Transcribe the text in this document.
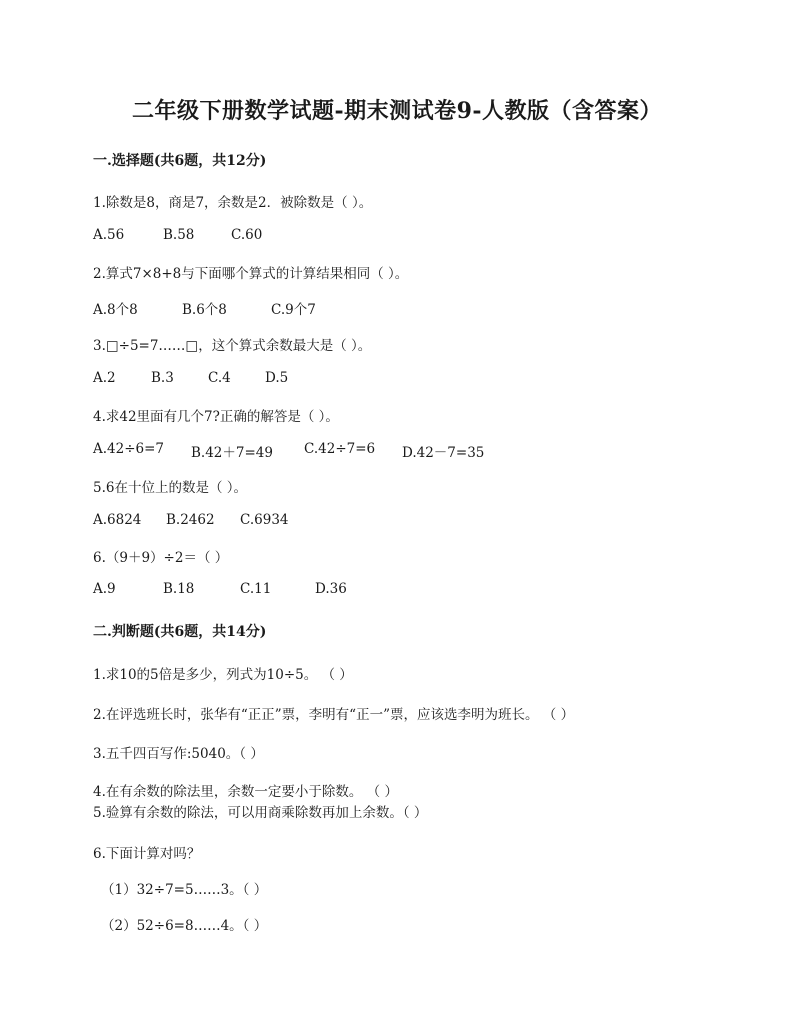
二年级下册数学试题-期末测试卷9-人教版（含答案）
一.选择题(共6题，共12分)
1.除数是8，商是7，余数是2．被除数是（ ）。
A.56	B.58	C.60
2.算式7×8+8与下面哪个算式的计算结果相同（ ）。
A.8个8	B.6个8	C.9个7
3.□÷5=7……□，这个算式余数最大是（ ）。
A.2	B.3	C.4	D.5
4.求42里面有几个7?正确的解答是（ ）。
A.42÷6=7 B.42＋7=49 C.42÷7=6 D.42－7=35
5.6在十位上的数是（ ）。
A.6824 B.2462 C.6934
6.（9＋9）÷2＝（ ）
A.9	B.18	C.11	D.36
二.判断题(共6题，共14分)
1.求10的5倍是多少，列式为10÷5。 （ ）
2.在评选班长时，张华有“正正”票，李明有“正一”票，应该选李明为班长。 （ ）
3.五千四百写作:5040。（ ）
4.在有余数的除法里，余数一定要小于除数。 （ ）
5.验算有余数的除法，可以用商乘除数再加上余数。（ ）
6.下面计算对吗？
（1）32÷7=5……3。（ ）
（2）52÷6=8……4。（ ）
